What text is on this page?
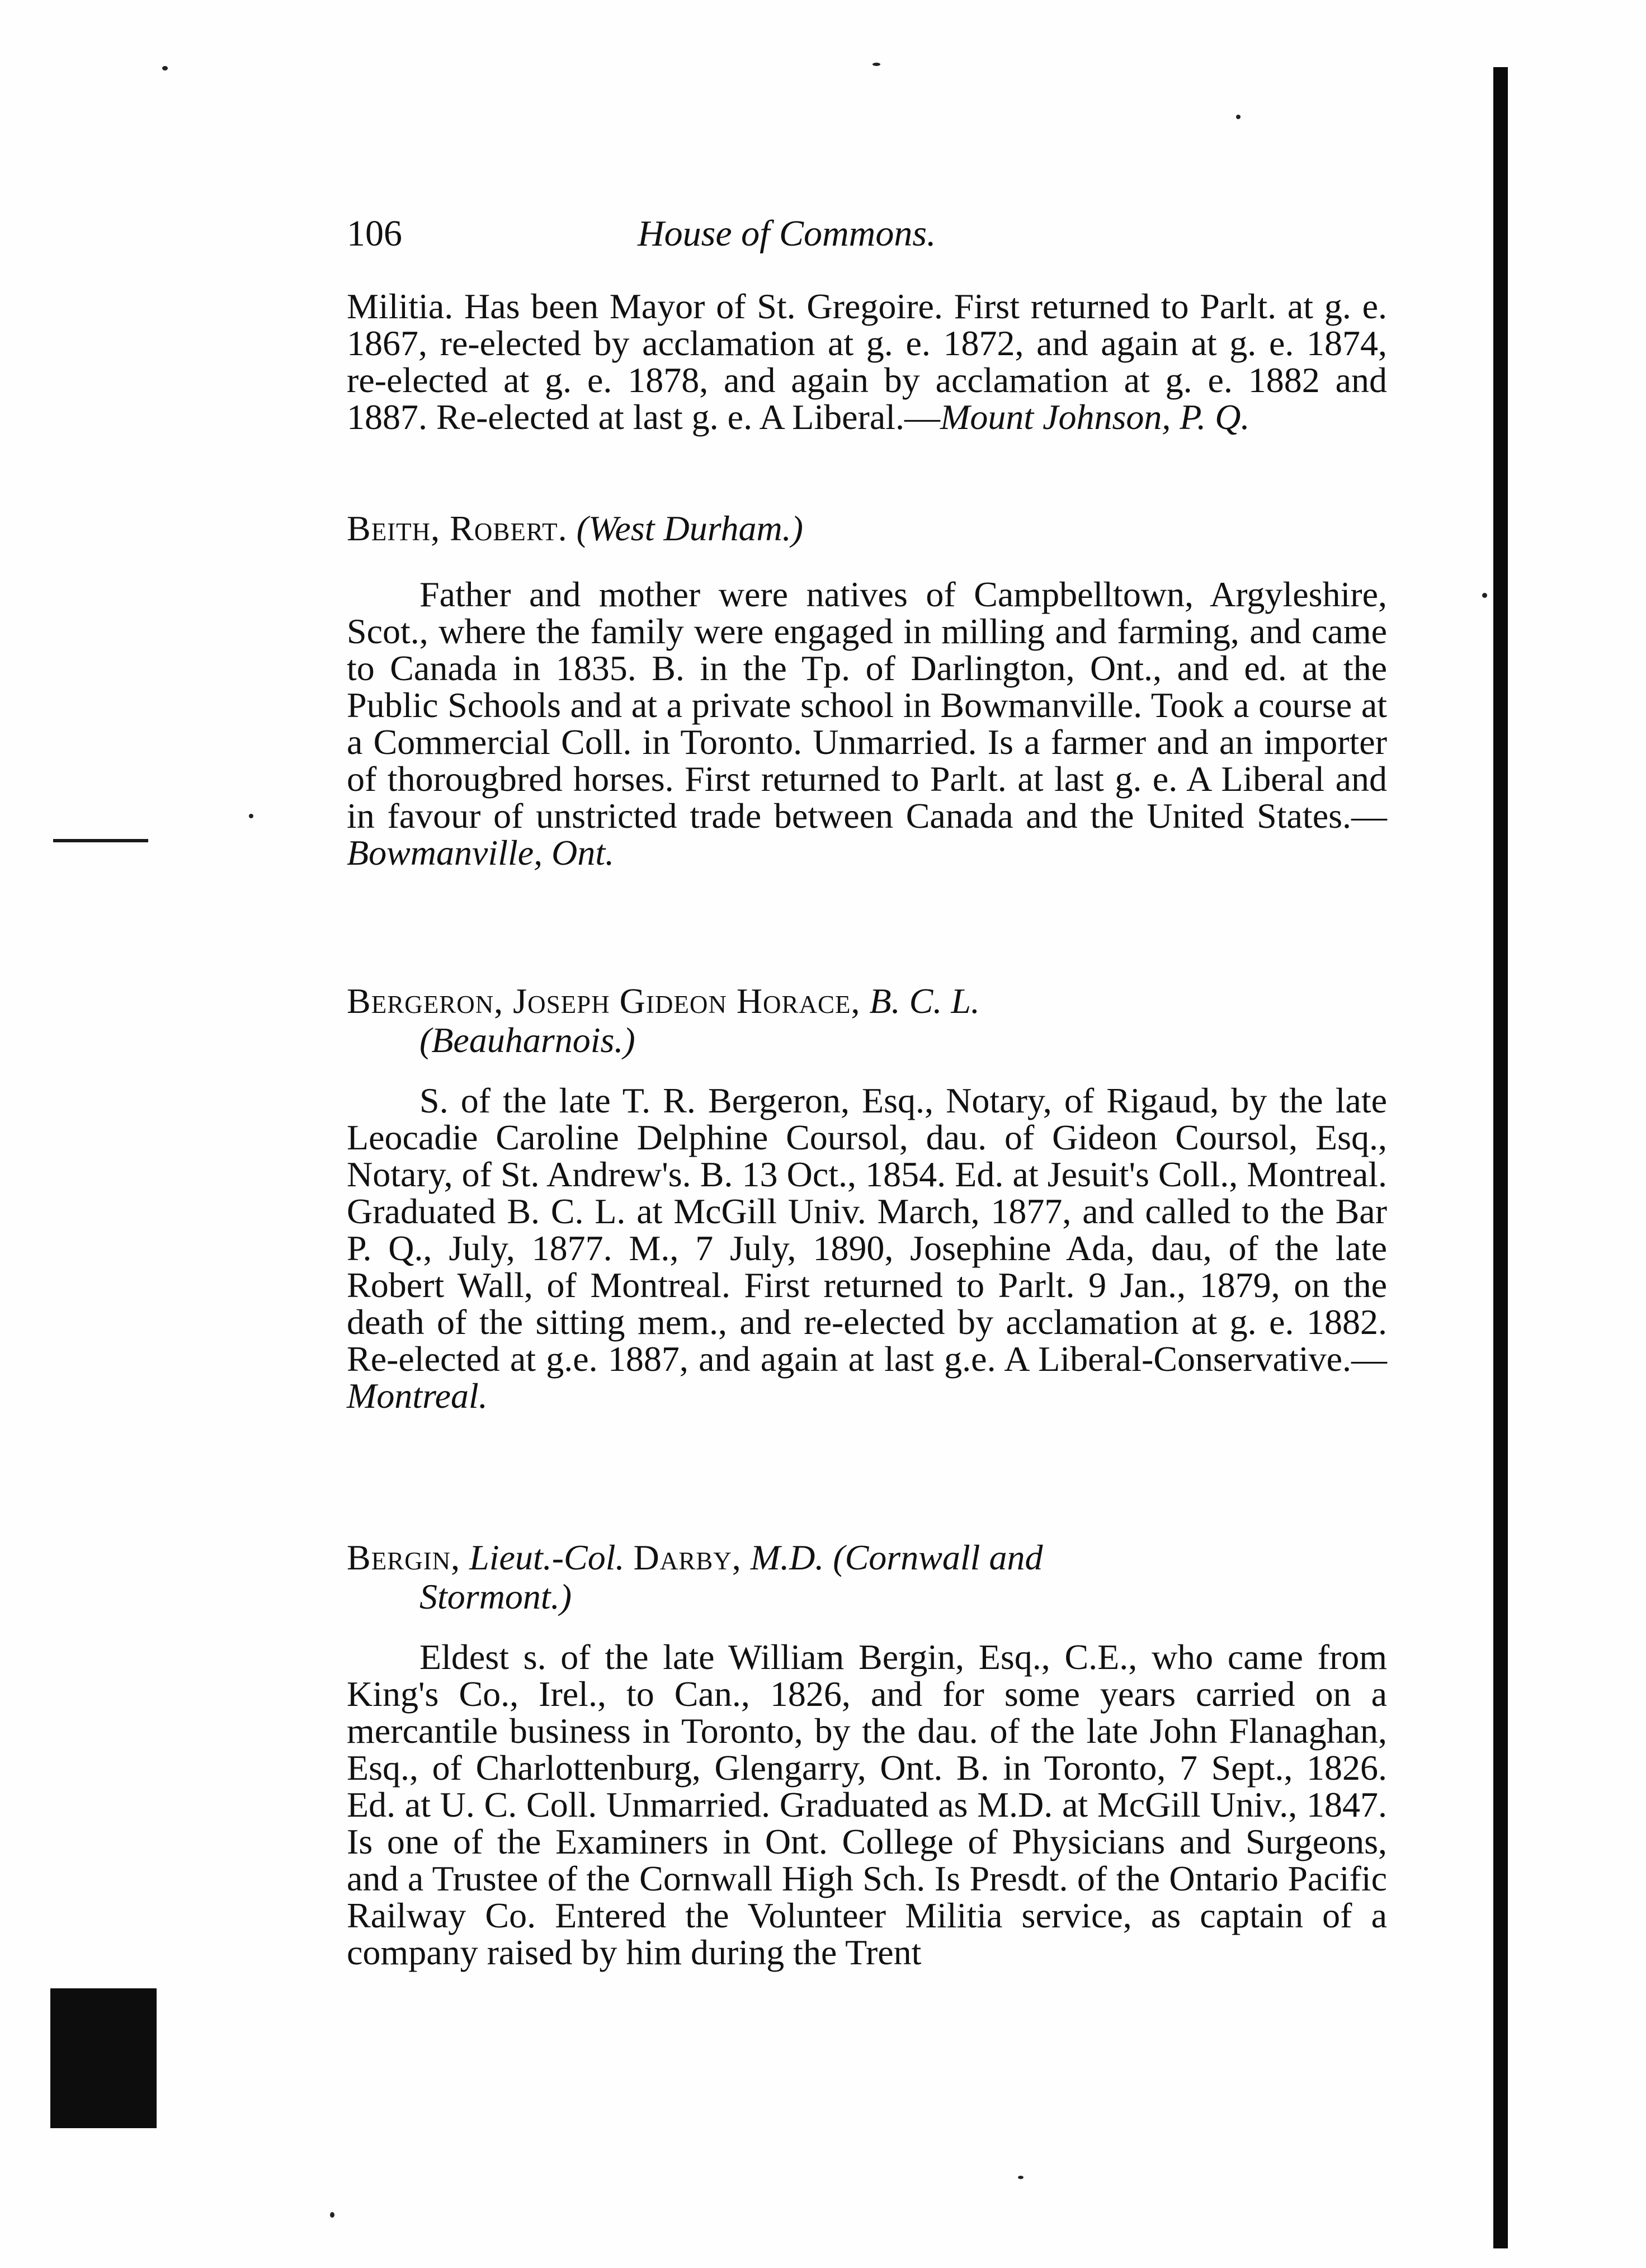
106	House of Commons.

Militia. Has been Mayor of St. Gregoire. First returned to Parlt. at g. e. 1867, re-elected by acclamation at g. e. 1872, and again at g. e. 1874, re-elected at g. e. 1878, and again by acclamation at g. e. 1882 and 1887. Re-elected at last g. e. A Liberal.—Mount Johnson, P. Q.

Beith, Robert. (West Durham.)

Father and mother were natives of Campbelltown, Argyleshire, Scot., where the family were engaged in milling and farming, and came to Canada in 1835. B. in the Tp. of Darlington, Ont., and ed. at the Public Schools and at a private school in Bowmanville. Took a course at a Commercial Coll. in Toronto. Unmarried. Is a farmer and an importer of thorougbred horses. First returned to Parlt. at last g. e. A Liberal and in favour of unstricted trade between Canada and the United States.—Bowmanville, Ont.

Bergeron, Joseph Gideon Horace, B. C. L.
(Beauharnois.)

S. of the late T. R. Bergeron, Esq., Notary, of Rigaud, by the late Leocadie Caroline Delphine Coursol, dau. of Gideon Coursol, Esq., Notary, of St. Andrew's. B. 13 Oct., 1854. Ed. at Jesuit's Coll., Montreal. Graduated B. C. L. at McGill Univ. March, 1877, and called to the Bar P. Q., July, 1877. M., 7 July, 1890, Josephine Ada, dau, of the late Robert Wall, of Montreal. First returned to Parlt. 9 Jan., 1879, on the death of the sitting mem., and re-elected by acclamation at g. e. 1882. Re-elected at g.e. 1887, and again at last g.e. A Liberal-Conservative.—Montreal.

Bergin, Lieut.-Col. Darby, M.D. (Cornwall and
Stormont.)

Eldest s. of the late William Bergin, Esq., C.E., who came from King's Co., Irel., to Can., 1826, and for some years carried on a mercantile business in Toronto, by the dau. of the late John Flanaghan, Esq., of Charlottenburg, Glengarry, Ont. B. in Toronto, 7 Sept., 1826. Ed. at U. C. Coll. Unmarried. Graduated as M.D. at McGill Univ., 1847. Is one of the Examiners in Ont. College of Physicians and Surgeons, and a Trustee of the Cornwall High Sch. Is Presdt. of the Ontario Pacific Railway Co. Entered the Volunteer Militia service, as captain of a company raised by him during the Trent
